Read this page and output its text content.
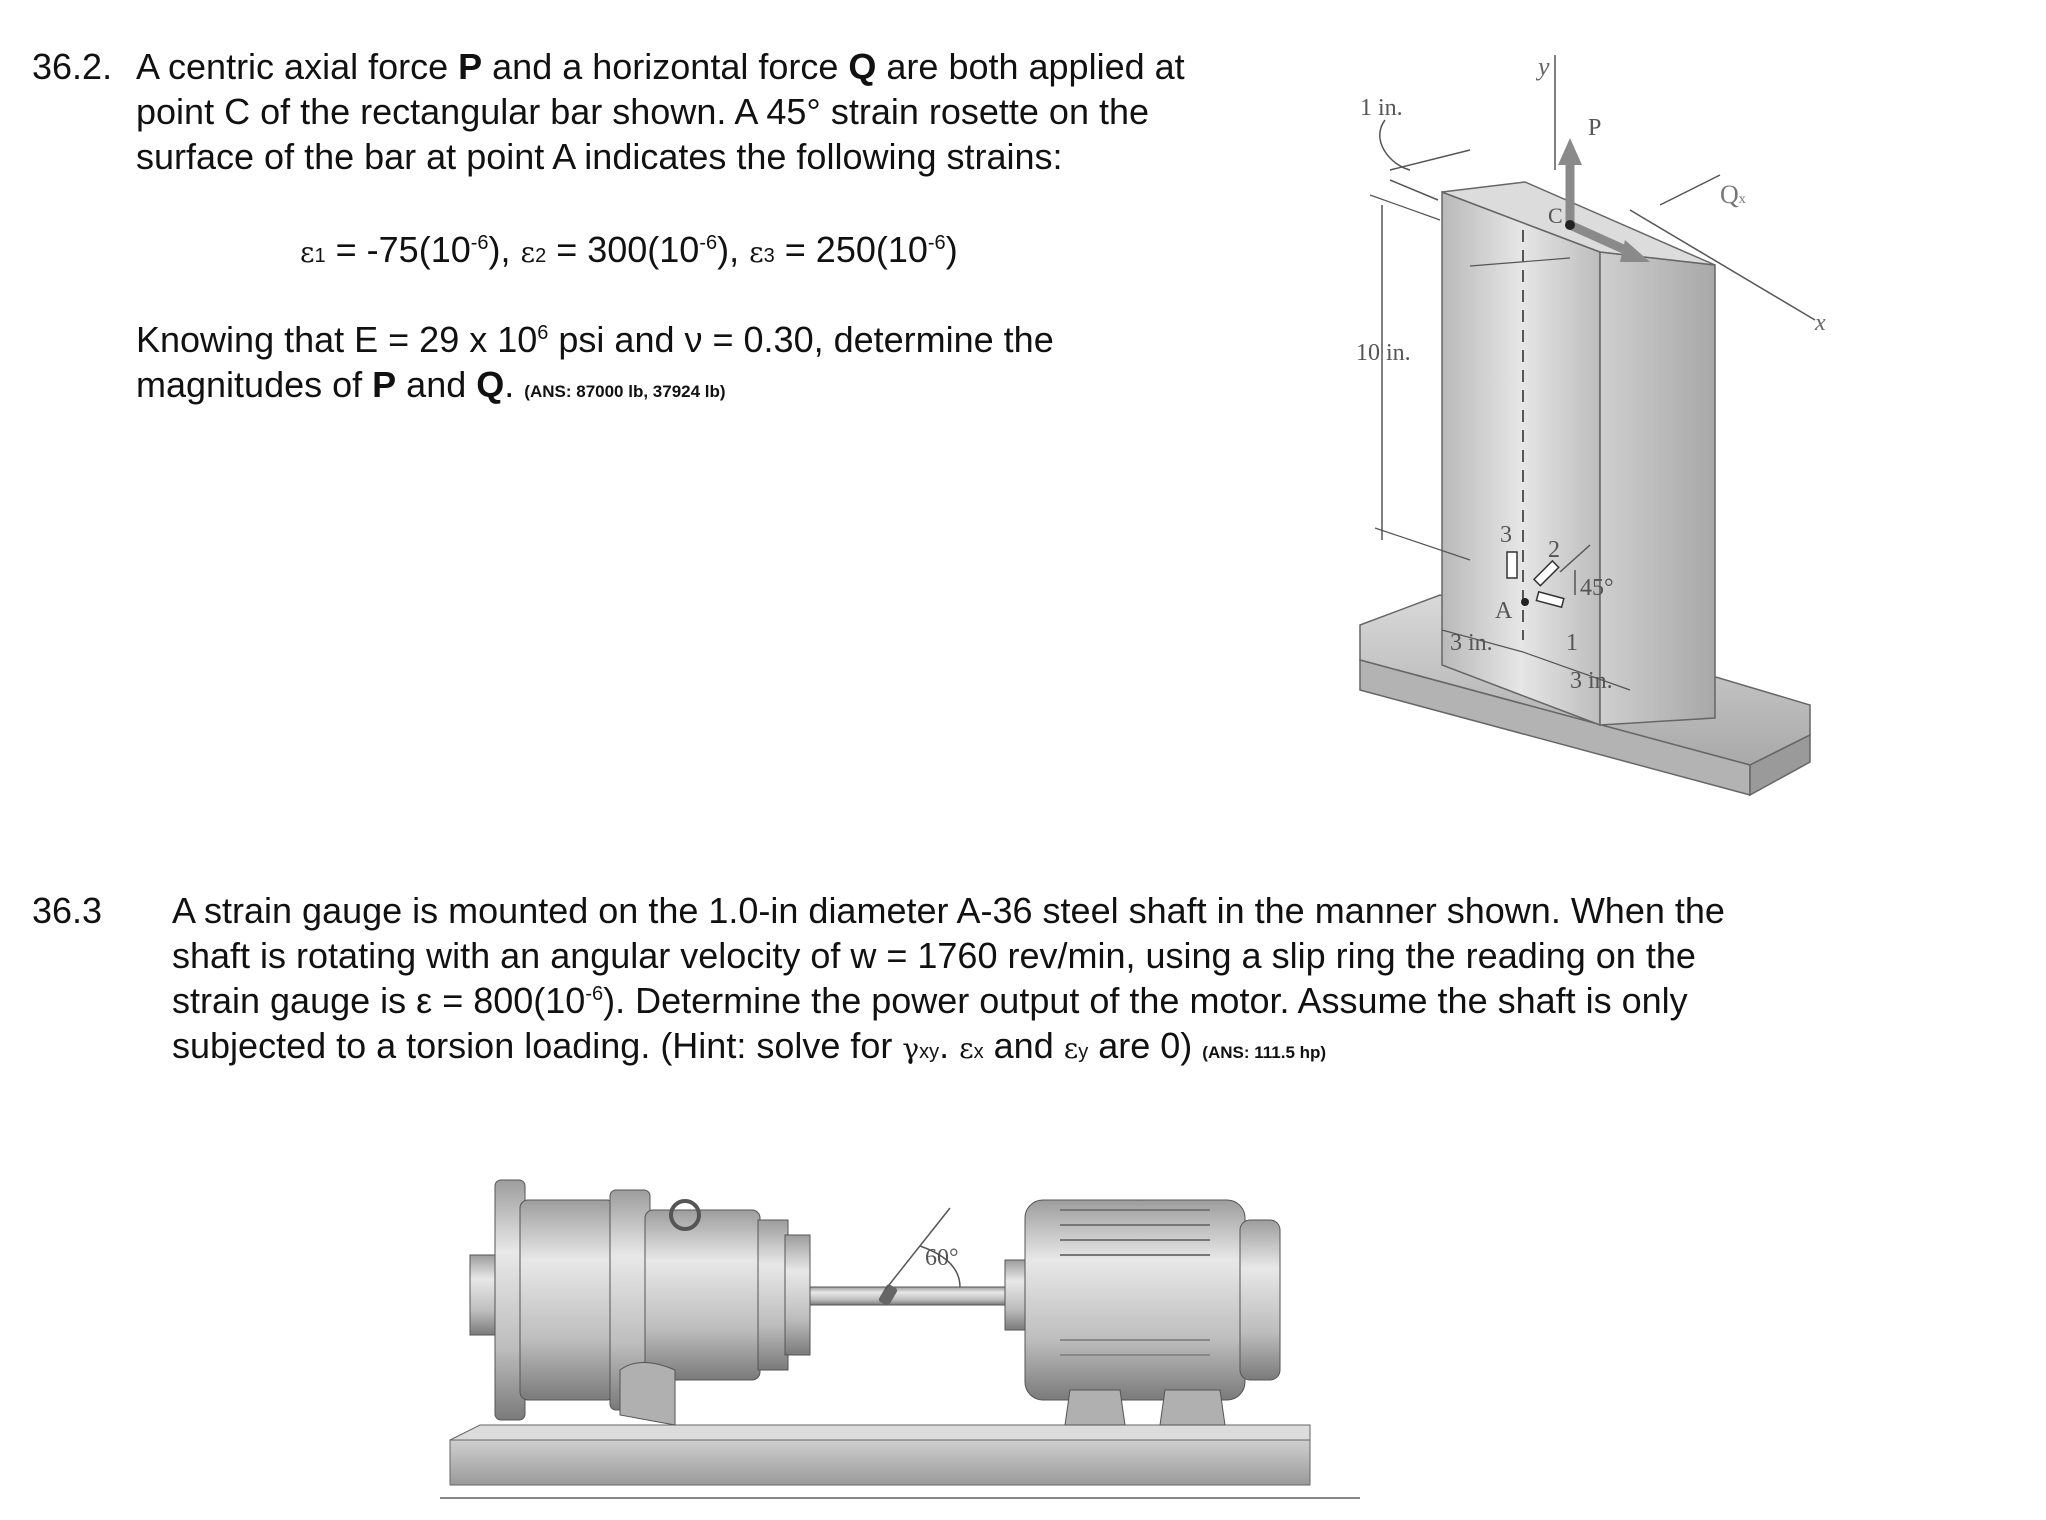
36.2. A centric axial force P and a horizontal force Q are both applied at
point C of the rectangular bar shown. A 45° strain rosette on the
surface of the bar at point A indicates the following strains:
$\varepsilon 1 = -75(10^{-6})$, $\varepsilon 2 = 300(10^{-6})$, $\varepsilon 3 = 250(10^{-6})$
Knowing that E = 29 x $10^6$ psi and ν = 0.30, determine the
magnitudes of P and Q. (ANS: 87000 lb, 37924 lb)
y
x
P
Qx
C
1 in.
10 in.
3
2
45°
A
1
3 in.
3 in.
36.3 A strain gauge is mounted on the 1.0-in diameter A-36 steel shaft in the manner shown. When the
shaft is rotating with an angular velocity of w = 1760 rev/min, using a slip ring the reading on the
strain gauge is $\varepsilon = 800(10^{-6})$. Determine the power output of the motor. Assume the shaft is only
subjected to a torsion loading. (Hint: solve for γxy. εx and εy are 0) (ANS: 111.5 hp)
60°
